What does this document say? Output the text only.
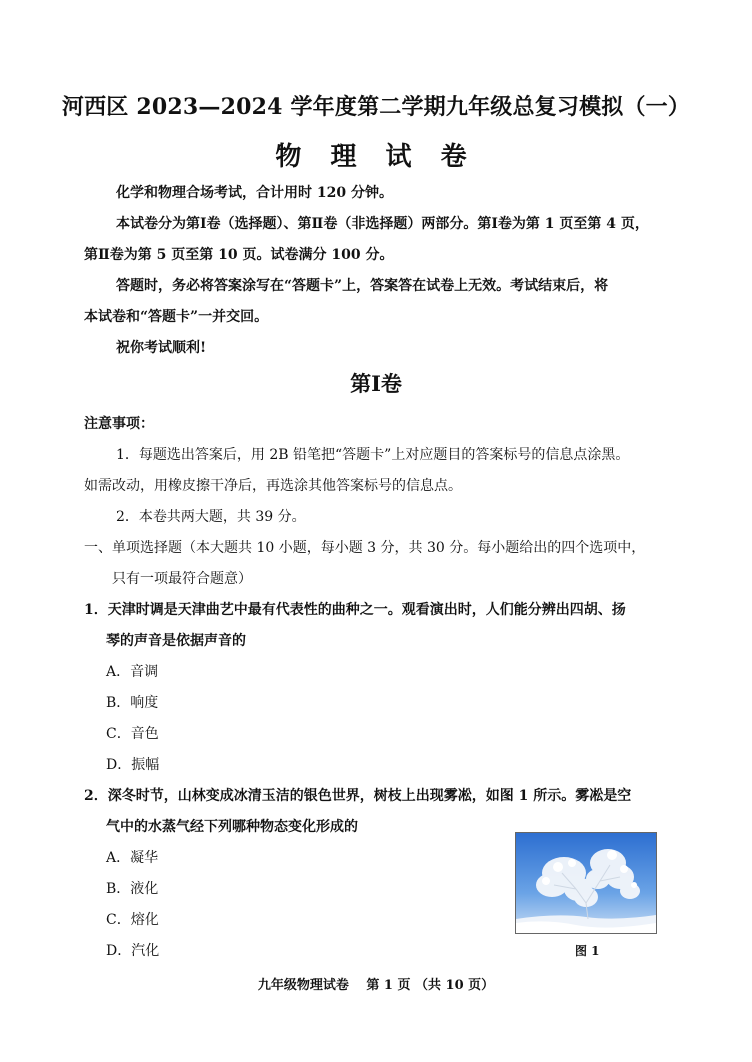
河西区 2023—2024 学年度第二学期九年级总复习模拟（一）
物 理 试 卷
化学和物理合场考试，合计用时 120 分钟。
本试卷分为第Ⅰ卷（选择题）、第Ⅱ卷（非选择题）两部分。第Ⅰ卷为第 1 页至第 4 页，
第Ⅱ卷为第 5 页至第 10 页。试卷满分 100 分。
答题时，务必将答案涂写在“答题卡”上，答案答在试卷上无效。考试结束后，将
本试卷和“答题卡”一并交回。
祝你考试顺利!
第Ⅰ卷
注意事项：
1．每题选出答案后，用 2B 铅笔把“答题卡”上对应题目的答案标号的信息点涂黑。
如需改动，用橡皮擦干净后，再选涂其他答案标号的信息点。
2．本卷共两大题，共 39 分。
一、单项选择题（本大题共 10 小题，每小题 3 分，共 30 分。每小题给出的四个选项中，
只有一项最符合题意）
1．天津时调是天津曲艺中最有代表性的曲种之一。观看演出时，人们能分辨出四胡、扬
琴的声音是依据声音的
A．音调
B．响度
C．音色
D．振幅
2．深冬时节，山林变成冰清玉洁的银色世界，树枝上出现雾凇，如图 1 所示。雾凇是空
气中的水蒸气经下列哪种物态变化形成的
A．凝华
B．液化
C．熔化
D．汽化	图 1
九年级物理试卷　 第 1 页 （共 10 页）
